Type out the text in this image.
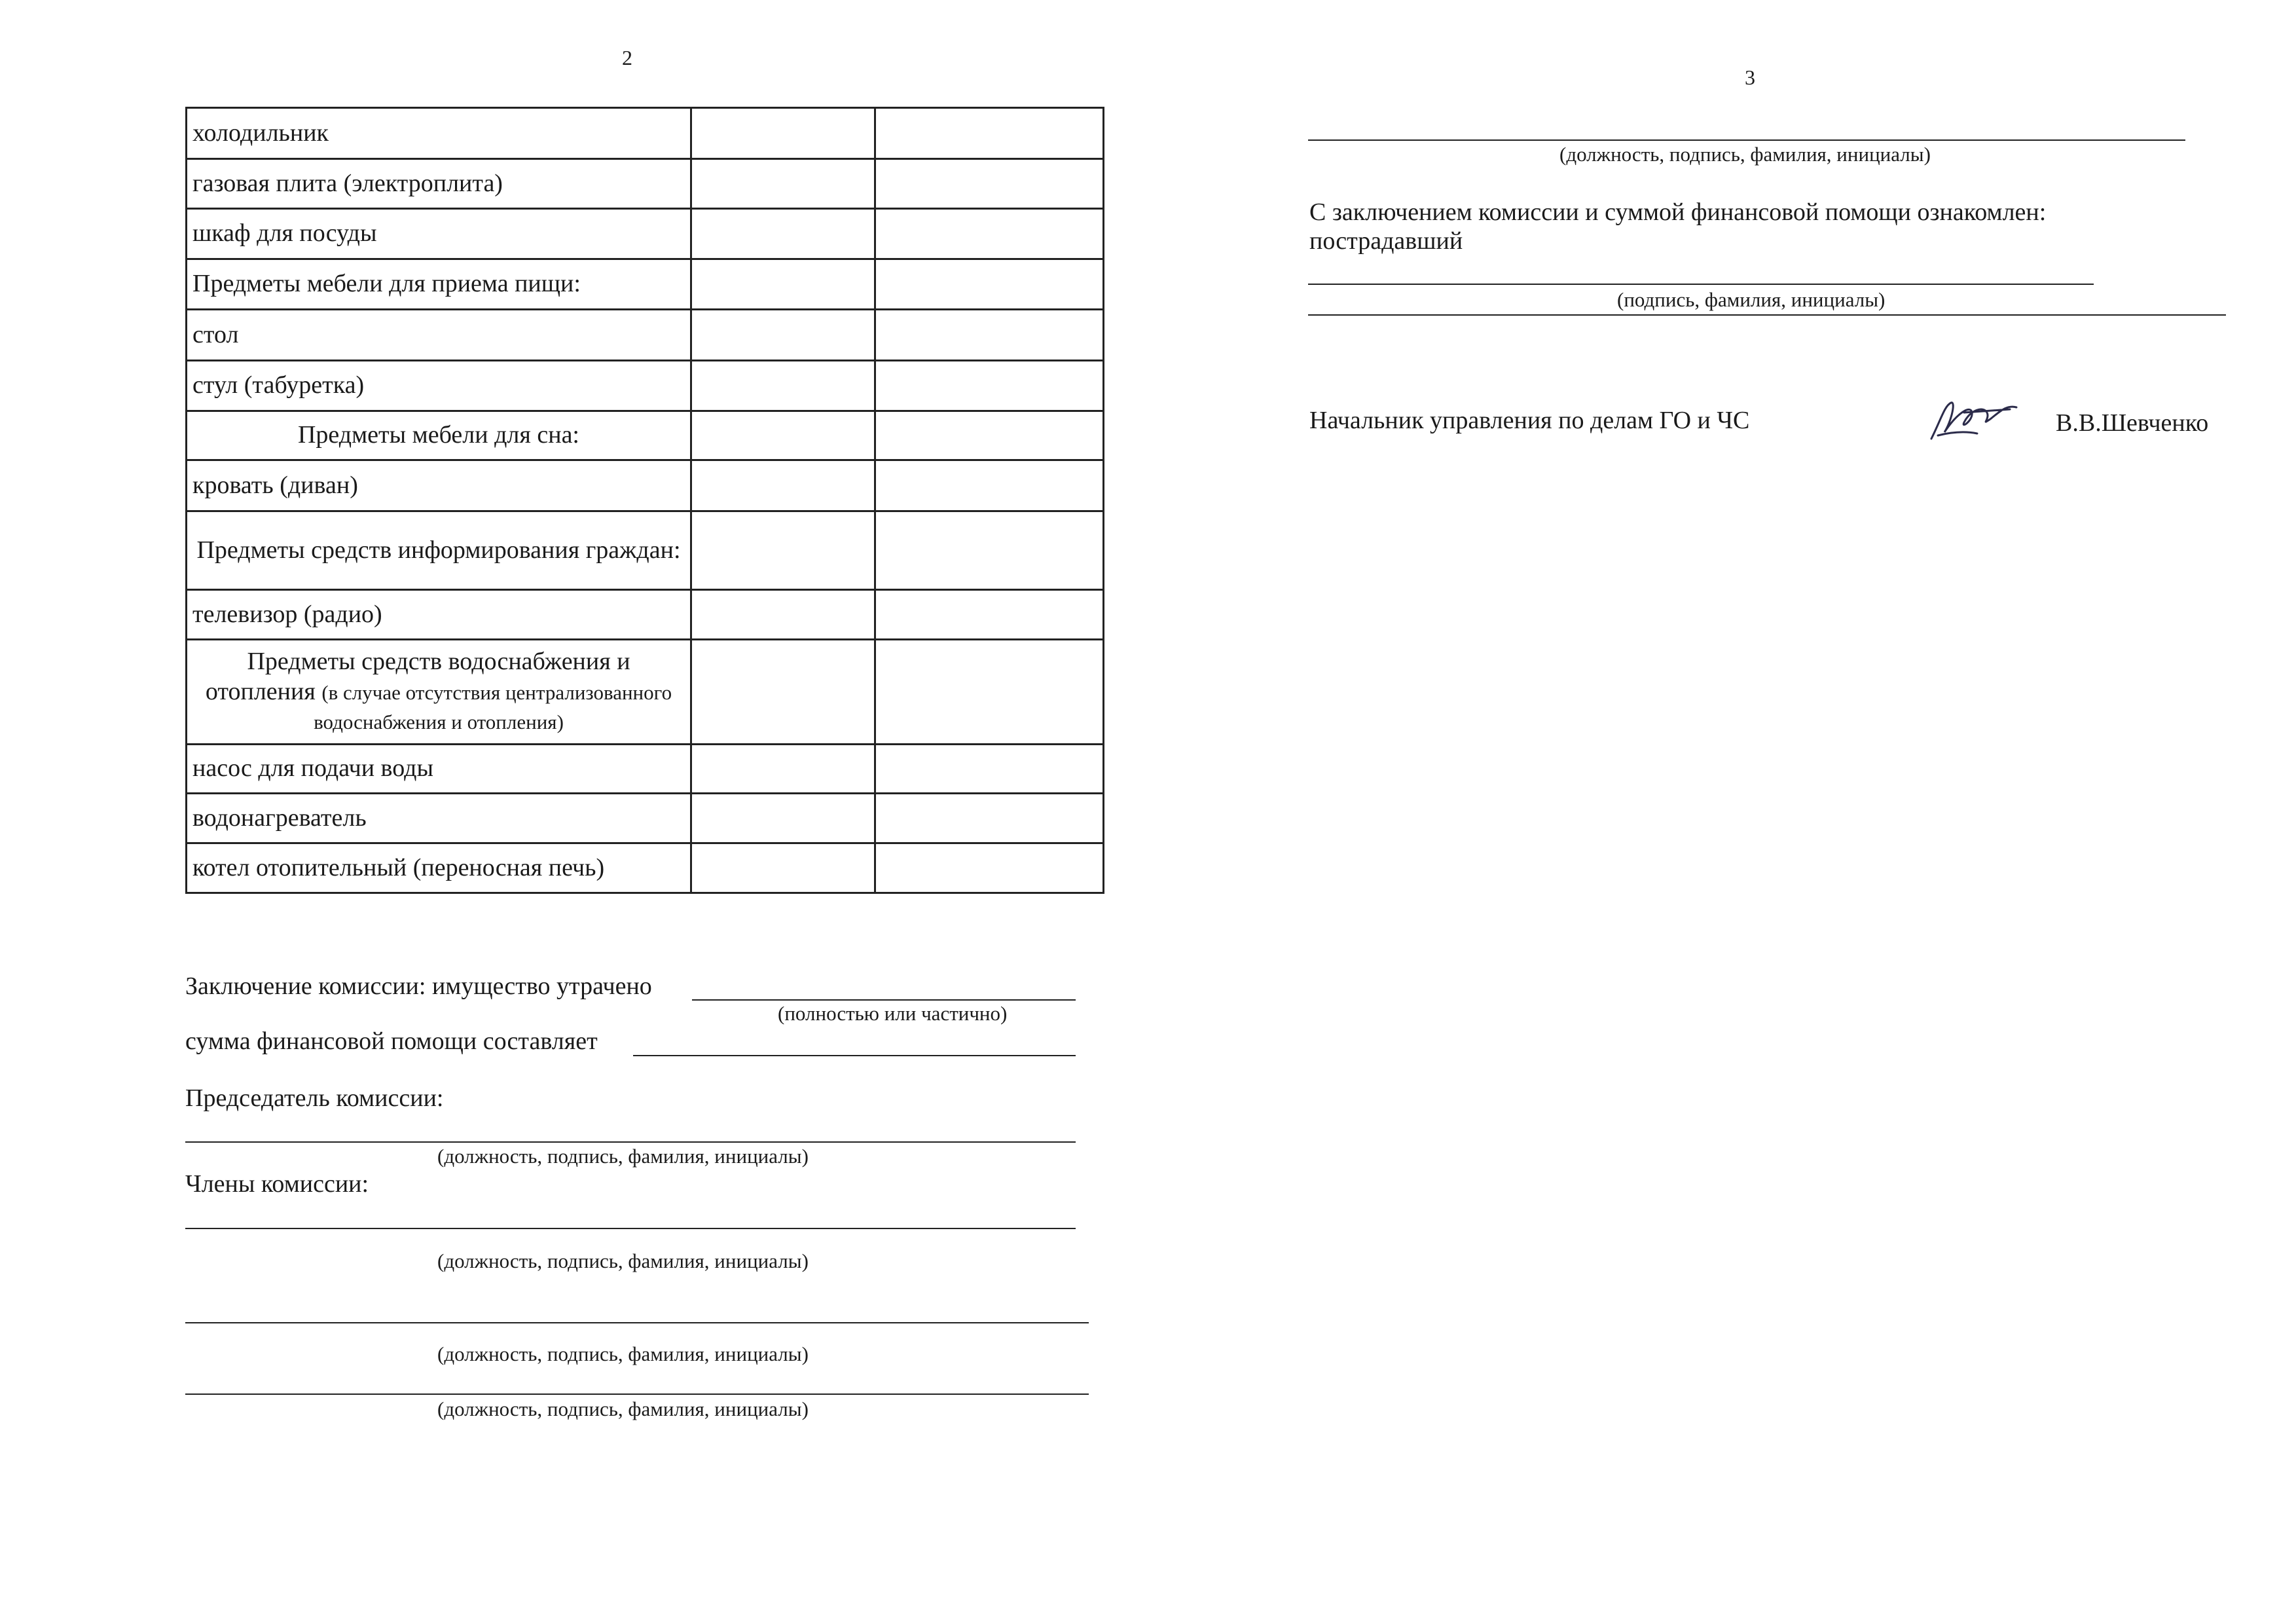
2
холодильник		
газовая плита (электроплита)		
шкаф для посуды		
Предметы мебели для приема пищи:		
стол		
стул (табуретка)		
Предметы мебели для сна:		
кровать (диван)		
Предметы средств информирования граждан:		
телевизор (радио)		
Предметы средств водоснабжения и отопления (в случае отсутствия централизованного водоснабжения и отопления)		
насос для подачи воды		
водонагреватель		
котел отопительный (переносная печь)		
Заключение комиссии: имущество утрачено
(полностью или частично)
сумма финансовой помощи составляет
Председатель комиссии:
(должность, подпись, фамилия, инициалы)
Члены комиссии:
(должность, подпись, фамилия, инициалы)
(должность, подпись, фамилия, инициалы)
(должность, подпись, фамилия, инициалы)
3
(должность, подпись, фамилия, инициалы)
С заключением комиссии и суммой финансовой помощи ознакомлен:
пострадавший
(подпись, фамилия, инициалы)
Начальник управления по делам ГО и ЧС	В.В.Шевченко
